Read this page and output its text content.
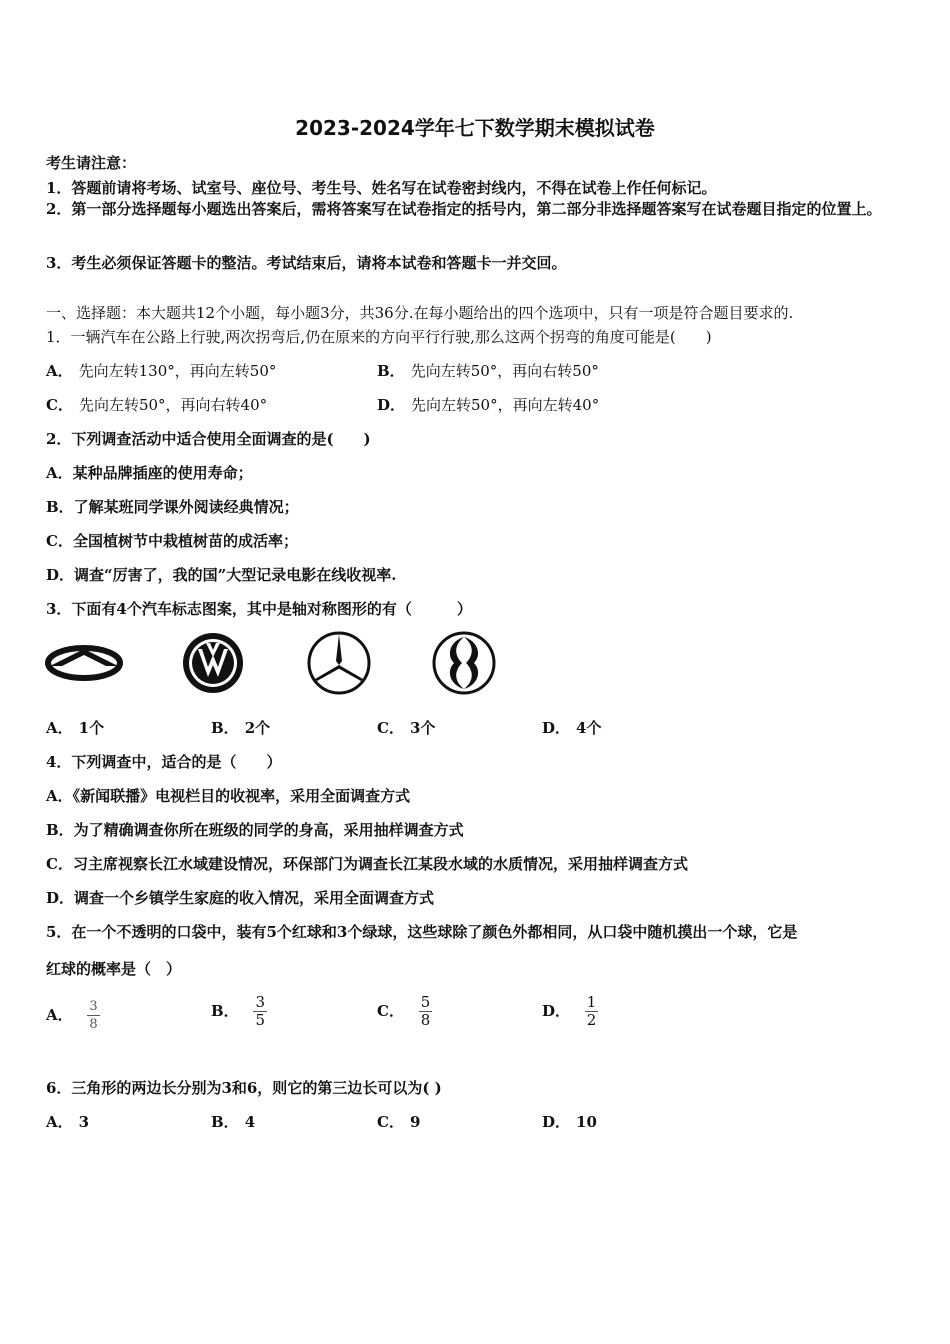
2023-2024学年七下数学期末模拟试卷
考生请注意：
1．答题前请将考场、试室号、座位号、考生号、姓名写在试卷密封线内，不得在试卷上作任何标记。
2．第一部分选择题每小题选出答案后，需将答案写在试卷指定的括号内，第二部分非选择题答案写在试卷题目指定的位置上。
3．考生必须保证答题卡的整洁。考试结束后，请将本试卷和答题卡一并交回。
一、选择题：本大题共12个小题，每小题3分，共36分.在每小题给出的四个选项中，只有一项是符合题目要求的.
1．一辆汽车在公路上行驶,两次拐弯后,仍在原来的方向平行行驶,那么这两个拐弯的角度可能是(　　)
A． 先向左转130°，再向左转50°	B． 先向左转50°，再向右转50°
C． 先向左转50°，再向右转40°	D． 先向左转50°，再向左转40°
2．下列调查活动中适合使用全面调查的是(　　)
A．某种品牌插座的使用寿命；
B．了解某班同学课外阅读经典情况；
C．全国植树节中栽植树苗的成活率；
D．调查“厉害了，我的国”大型记录电影在线收视率.
3．下面有4个汽车标志图案，其中是轴对称图形的有（　　　）
A． 1个	B． 2个	C． 3个	D． 4个
4．下列调查中，适合的是（　　）
A．《新闻联播》电视栏目的收视率，采用全面调查方式
B．为了精确调查你所在班级的同学的身高，采用抽样调查方式
C．习主席视察长江水域建设情况，环保部门为调查长江某段水域的水质情况，采用抽样调查方式
D．调查一个乡镇学生家庭的收入情况，采用全面调查方式
5．在一个不透明的口袋中，装有5个红球和3个绿球，这些球除了颜色外都相同，从口袋中随机摸出一个球，它是
红球的概率是（　）
A． $\frac{3}{8}$	B． $\frac{3}{5}$	C． $\frac{5}{8}$	D． $\frac{1}{2}$
6．三角形的两边长分别为3和6，则它的第三边长可以为( )
A． 3	B． 4	C． 9	D． 10
